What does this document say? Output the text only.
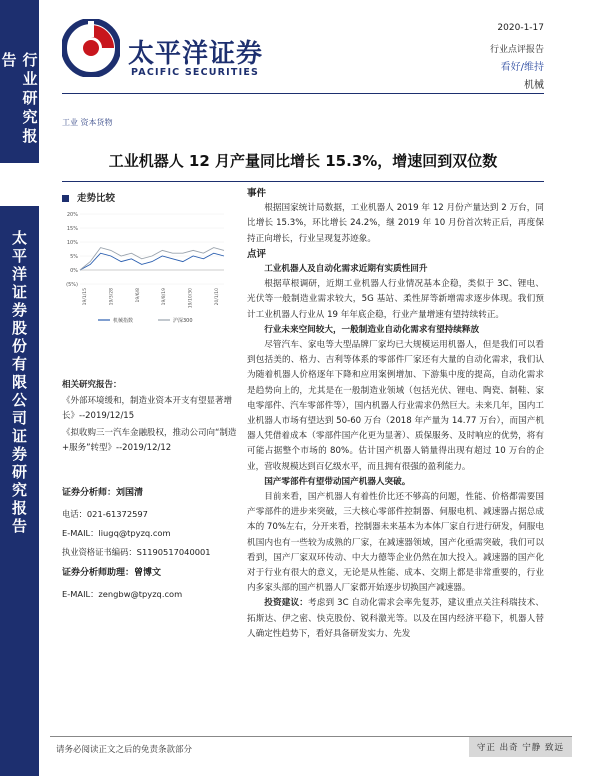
行业研究报告
太平洋证券股份有限公司证券研究报告
太平洋证券
PACIFIC SECURITIES
2020-1-17
行业点评报告
看好/维持
机械
工业 资本货物
工业机器人 12 月产量同比增长 15.3%，增速回到双位数
走势比较
20%
15%
10%
5%
0%
(5%)
19/1/15	19/3/28	19/6/8	19/8/19	19/10/30	20/1/10
机械指数	沪深300
相关研究报告：
《外部环境缓和，制造业资本开支有望显著增长》--2019/12/15
《拟收购三一汽车金融股权，推动公司向“制造+服务”转型》--2019/12/12
证券分析师：刘国清
电话：021-61372597
E-MAIL：liugq@tpyzq.com
执业资格证书编码：S1190517040001
证券分析师助理：曾博文
E-MAIL：zengbw@tpyzq.com
事件

根据国家统计局数据，工业机器人 2019 年 12 月份产量达到 2 万台，同比增长 15.3%，环比增长 24.2%，继 2019 年 10 月份首次转正后，再度保持正向增长，行业呈现复苏迹象。

点评
工业机器人及自动化需求近期有实质性回升

根据草根调研，近期工业机器人行业情况基本企稳，类似于 3C、锂电、光伏等一般制造业需求较大，5G 基站、柔性屏等新增需求逐步体现。我们预计工业机器人行业从 19 年年底企稳，行业产量增速有望持续转正。

行业未来空间较大，一般制造业自动化需求有望持续释放

尽管汽车、家电等大型品牌厂家均已大规模运用机器人，但是我们可以看到包括美的、格力、吉利等体系的零部件厂家还有大量的自动化需求，我们认为随着机器人价格逐年下降和应用案例增加、下游集中度的提高，自动化需求是趋势向上的，尤其是在一般制造业领域（包括光伏、锂电、陶瓷、制鞋、家电零部件、汽车零部件等），国内机器人行业需求仍然巨大。未来几年，国内工业机器人市场有望达到 50-60 万台（2018 年产量为 14.77 万台），而国产机器人凭借着成本（零部件国产化更为显著）、质保服务、及时响应的优势，将有可能占据整个市场的 80%。估计国产机器人销量得出现有超过 10 万台的企业，营收规模达到百亿级水平，而且拥有很强的盈利能力。

国产零部件有望带动国产机器人突破。

目前来看，国产机器人有着性价比还不够高的问题，性能、价格都需要国产零部件的进步来突破，三大核心零部件控制器、伺服电机、减速器占据总成本的 70%左右，分开来看，控制器未来基本为本体厂家自行进行研发，伺服电机国内也有一些较为成熟的厂家，在减速器领域，国产化亟需突破，我们可以看到，国产厂家双环传动、中大力德等企业仍然在加大投入。减速器的国产化对于行业有很大的意义，无论是从性能、成本、交期上都是非常重要的，行业内多家头部的国产机器人厂家都开始逐步切换国产减速器。

投资建议：考虑到 3C 自动化需求会率先复苏，建议重点关注科瑞技术、拓斯达、伊之密、快克股份、锐科激光等。以及在国内经济平稳下，机器人替人确定性趋势下，看好具备研发实力、先发

请务必阅读正文之后的免责条款部分	守正 出奇 宁静 致远
